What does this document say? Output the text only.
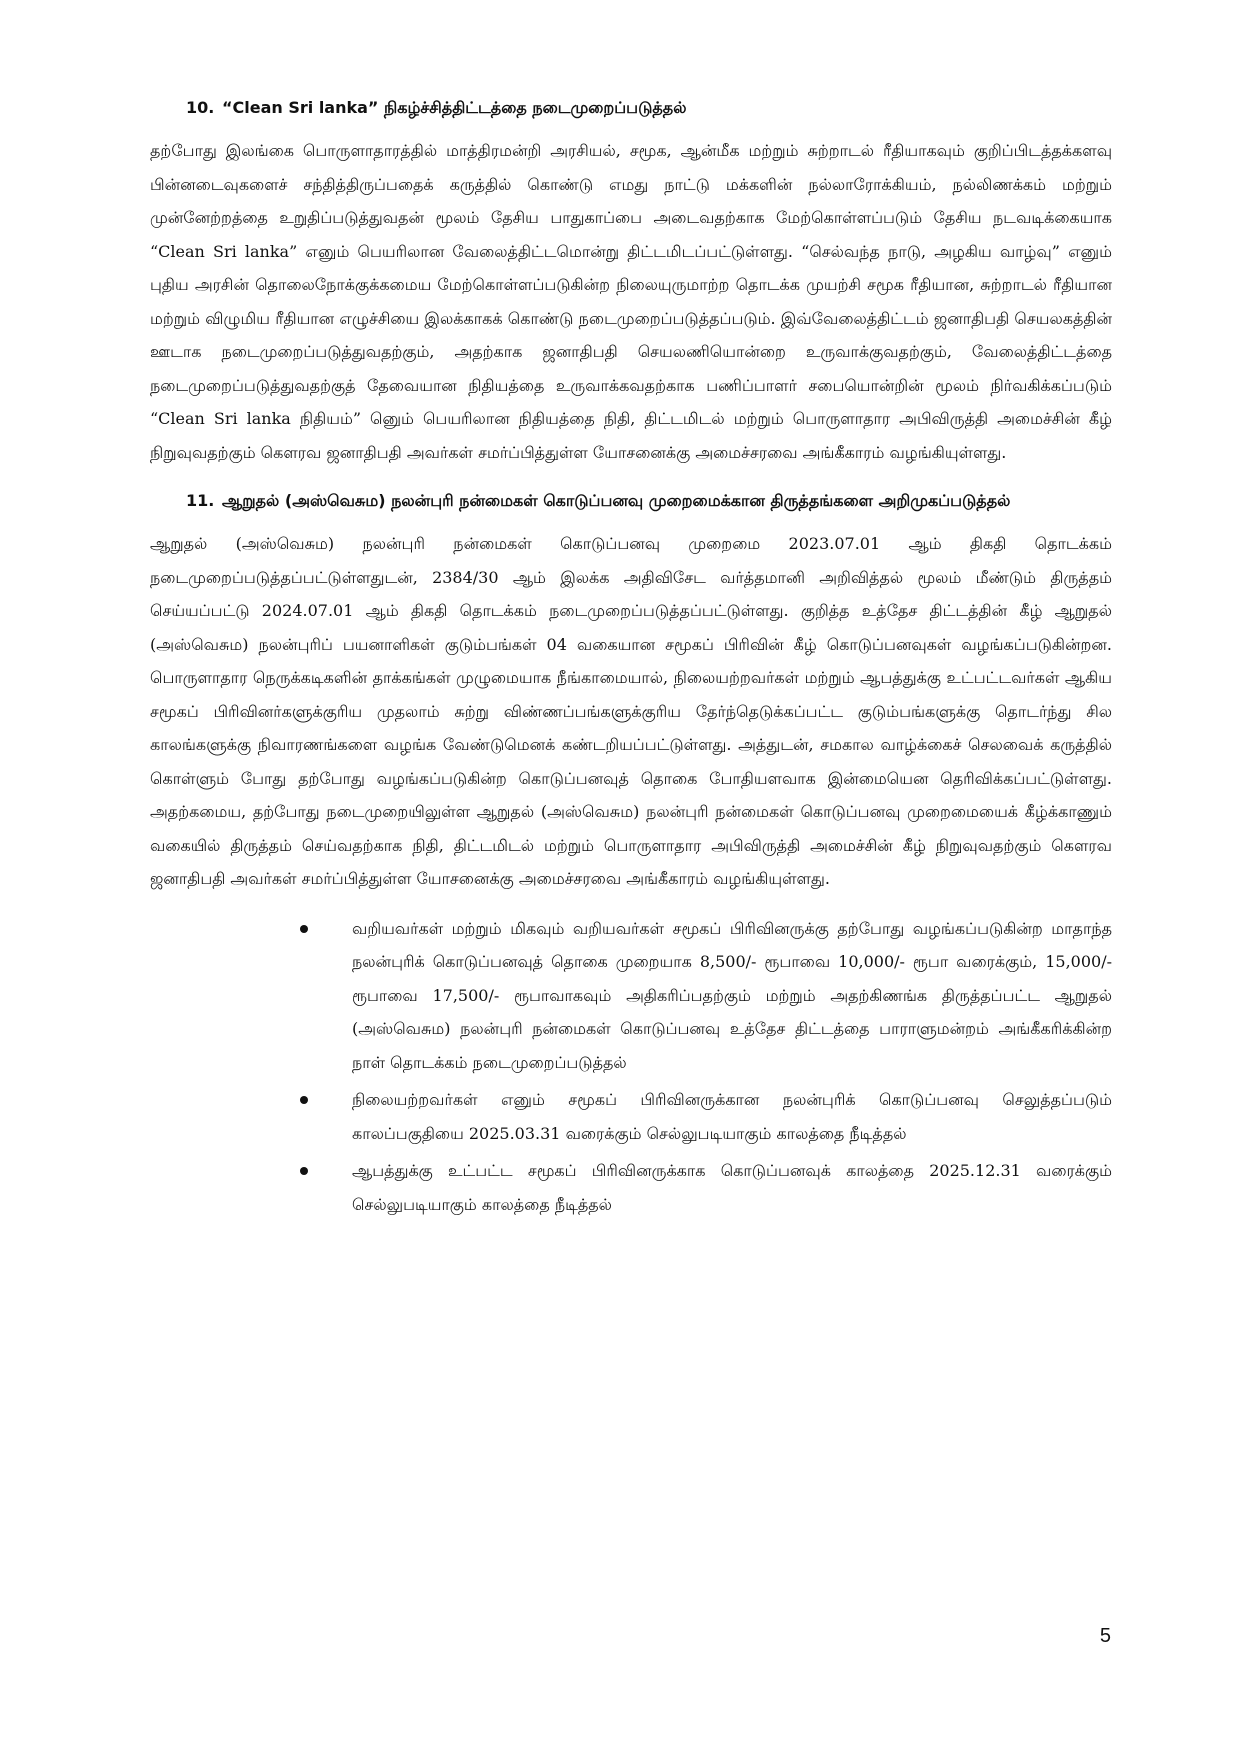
10. “Clean Sri lanka” நிகழ்ச்சித்திட்டத்தை நடைமுறைப்படுத்தல்

தற்போது இலங்கை பொருளாதாரத்தில் மாத்திரமன்றி அரசியல், சமூக, ஆன்மீக மற்றும் சுற்றாடல் ரீதியாகவும் குறிப்பிடத்தக்களவு பின்னடைவுகளைச் சந்தித்திருப்பதைக் கருத்தில் கொண்டு எமது நாட்டு மக்களின் நல்லாரோக்கியம், நல்லிணக்கம் மற்றும் முன்னேற்றத்தை உறுதிப்படுத்துவதன் மூலம் தேசிய பாதுகாப்பை அடைவதற்காக மேற்கொள்ளப்படும் தேசிய நடவடிக்கையாக “Clean Sri lanka” எனும் பெயரிலான வேலைத்திட்டமொன்று திட்டமிடப்பட்டுள்ளது. “செல்வந்த நாடு, அழகிய வாழ்வு” எனும் புதிய அரசின் தொலைநோக்குக்கமைய மேற்கொள்ளப்படுகின்ற நிலையுருமாற்ற தொடக்க முயற்சி சமூக ரீதியான, சுற்றாடல் ரீதியான மற்றும் விழுமிய ரீதியான எழுச்சியை இலக்காகக் கொண்டு நடைமுறைப்படுத்தப்படும். இவ்வேலைத்திட்டம் ஜனாதிபதி செயலகத்தின் ஊடாக நடைமுறைப்படுத்துவதற்கும், அதற்காக ஜனாதிபதி செயலணியொன்றை உருவாக்குவதற்கும், வேலைத்திட்டத்தை நடைமுறைப்படுத்துவதற்குத் தேவையான நிதியத்தை உருவாக்கவதற்காக பணிப்பாளர் சபையொன்றின் மூலம் நிர்வகிக்கப்படும் “Clean Sri lanka நிதியம்” னெும் பெயரிலான நிதியத்தை நிதி, திட்டமிடல் மற்றும் பொருளாதார அபிவிருத்தி அமைச்சின் கீழ் நிறுவுவதற்கும் கௌரவ ஜனாதிபதி அவர்கள் சமர்ப்பித்துள்ள யோசனைக்கு அமைச்சரவை அங்கீகாரம் வழங்கியுள்ளது.

11. ஆறுதல் (அஸ்வெசும) நலன்புரி நன்மைகள் கொடுப்பனவு முறைமைக்கான திருத்தங்களை அறிமுகப்படுத்தல்

ஆறுதல் (அஸ்வெசும) நலன்புரி நன்மைகள் கொடுப்பனவு முறைமை 2023.07.01 ஆம் திகதி தொடக்கம் நடைமுறைப்படுத்தப்பட்டுள்ளதுடன், 2384/30 ஆம் இலக்க அதிவிசேட வர்த்தமானி அறிவித்தல் மூலம் மீண்டும் திருத்தம் செய்யப்பட்டு 2024.07.01 ஆம் திகதி தொடக்கம் நடைமுறைப்படுத்தப்பட்டுள்ளது. குறித்த உத்தேச திட்டத்தின் கீழ் ஆறுதல் (அஸ்வெசும) நலன்புரிப் பயனாளிகள் குடும்பங்கள் 04 வகையான சமூகப் பிரிவின் கீழ் கொடுப்பனவுகள் வழங்கப்படுகின்றன. பொருளாதார நெருக்கடிகளின் தாக்கங்கள் முழுமையாக நீங்காமையால், நிலையற்றவர்கள் மற்றும் ஆபத்துக்கு உட்பட்டவர்கள் ஆகிய சமூகப் பிரிவினர்களுக்குரிய முதலாம் சுற்று விண்ணப்பங்களுக்குரிய தேர்ந்தெடுக்கப்பட்ட குடும்பங்களுக்கு தொடர்ந்து சில காலங்களுக்கு நிவாரணங்களை வழங்க வேண்டுமெனக் கண்டறியப்பட்டுள்ளது. அத்துடன், சமகால வாழ்க்கைச் செலவைக் கருத்தில் கொள்ளும் போது தற்போது வழங்கப்படுகின்ற கொடுப்பனவுத் தொகை போதியளவாக இன்மையென தெரிவிக்கப்பட்டுள்ளது. அதற்கமைய, தற்போது நடைமுறையிலுள்ள ஆறுதல் (அஸ்வெசும) நலன்புரி நன்மைகள் கொடுப்பனவு முறைமையைக் கீழ்க்காணும் வகையில் திருத்தம் செய்வதற்காக நிதி, திட்டமிடல் மற்றும் பொருளாதார அபிவிருத்தி அமைச்சின் கீழ் நிறுவுவதற்கும் கௌரவ ஜனாதிபதி அவர்கள் சமர்ப்பித்துள்ள யோசனைக்கு அமைச்சரவை அங்கீகாரம் வழங்கியுள்ளது.

வறியவர்கள் மற்றும் மிகவும் வறியவர்கள் சமூகப் பிரிவினருக்கு தற்போது வழங்கப்படுகின்ற மாதாந்த நலன்புரிக் கொடுப்பனவுத் தொகை முறையாக 8,500/- ரூபாவை 10,000/- ரூபா வரைக்கும், 15,000/- ரூபாவை 17,500/- ரூபாவாகவும் அதிகரிப்பதற்கும் மற்றும் அதற்கிணங்க திருத்தப்பட்ட ஆறுதல் (அஸ்வெசும) நலன்புரி நன்மைகள் கொடுப்பனவு உத்தேச திட்டத்தை பாராளுமன்றம் அங்கீகரிக்கின்ற நாள் தொடக்கம் நடைமுறைப்படுத்தல்
நிலையற்றவர்கள் எனும் சமூகப் பிரிவினருக்கான நலன்புரிக் கொடுப்பனவு செலுத்தப்படும் காலப்பகுதியை 2025.03.31 வரைக்கும் செல்லுபடியாகும் காலத்தை நீடித்தல்
ஆபத்துக்கு உட்பட்ட சமூகப் பிரிவினருக்காக கொடுப்பனவுக் காலத்தை 2025.12.31 வரைக்கும் செல்லுபடியாகும் காலத்தை நீடித்தல்
5
